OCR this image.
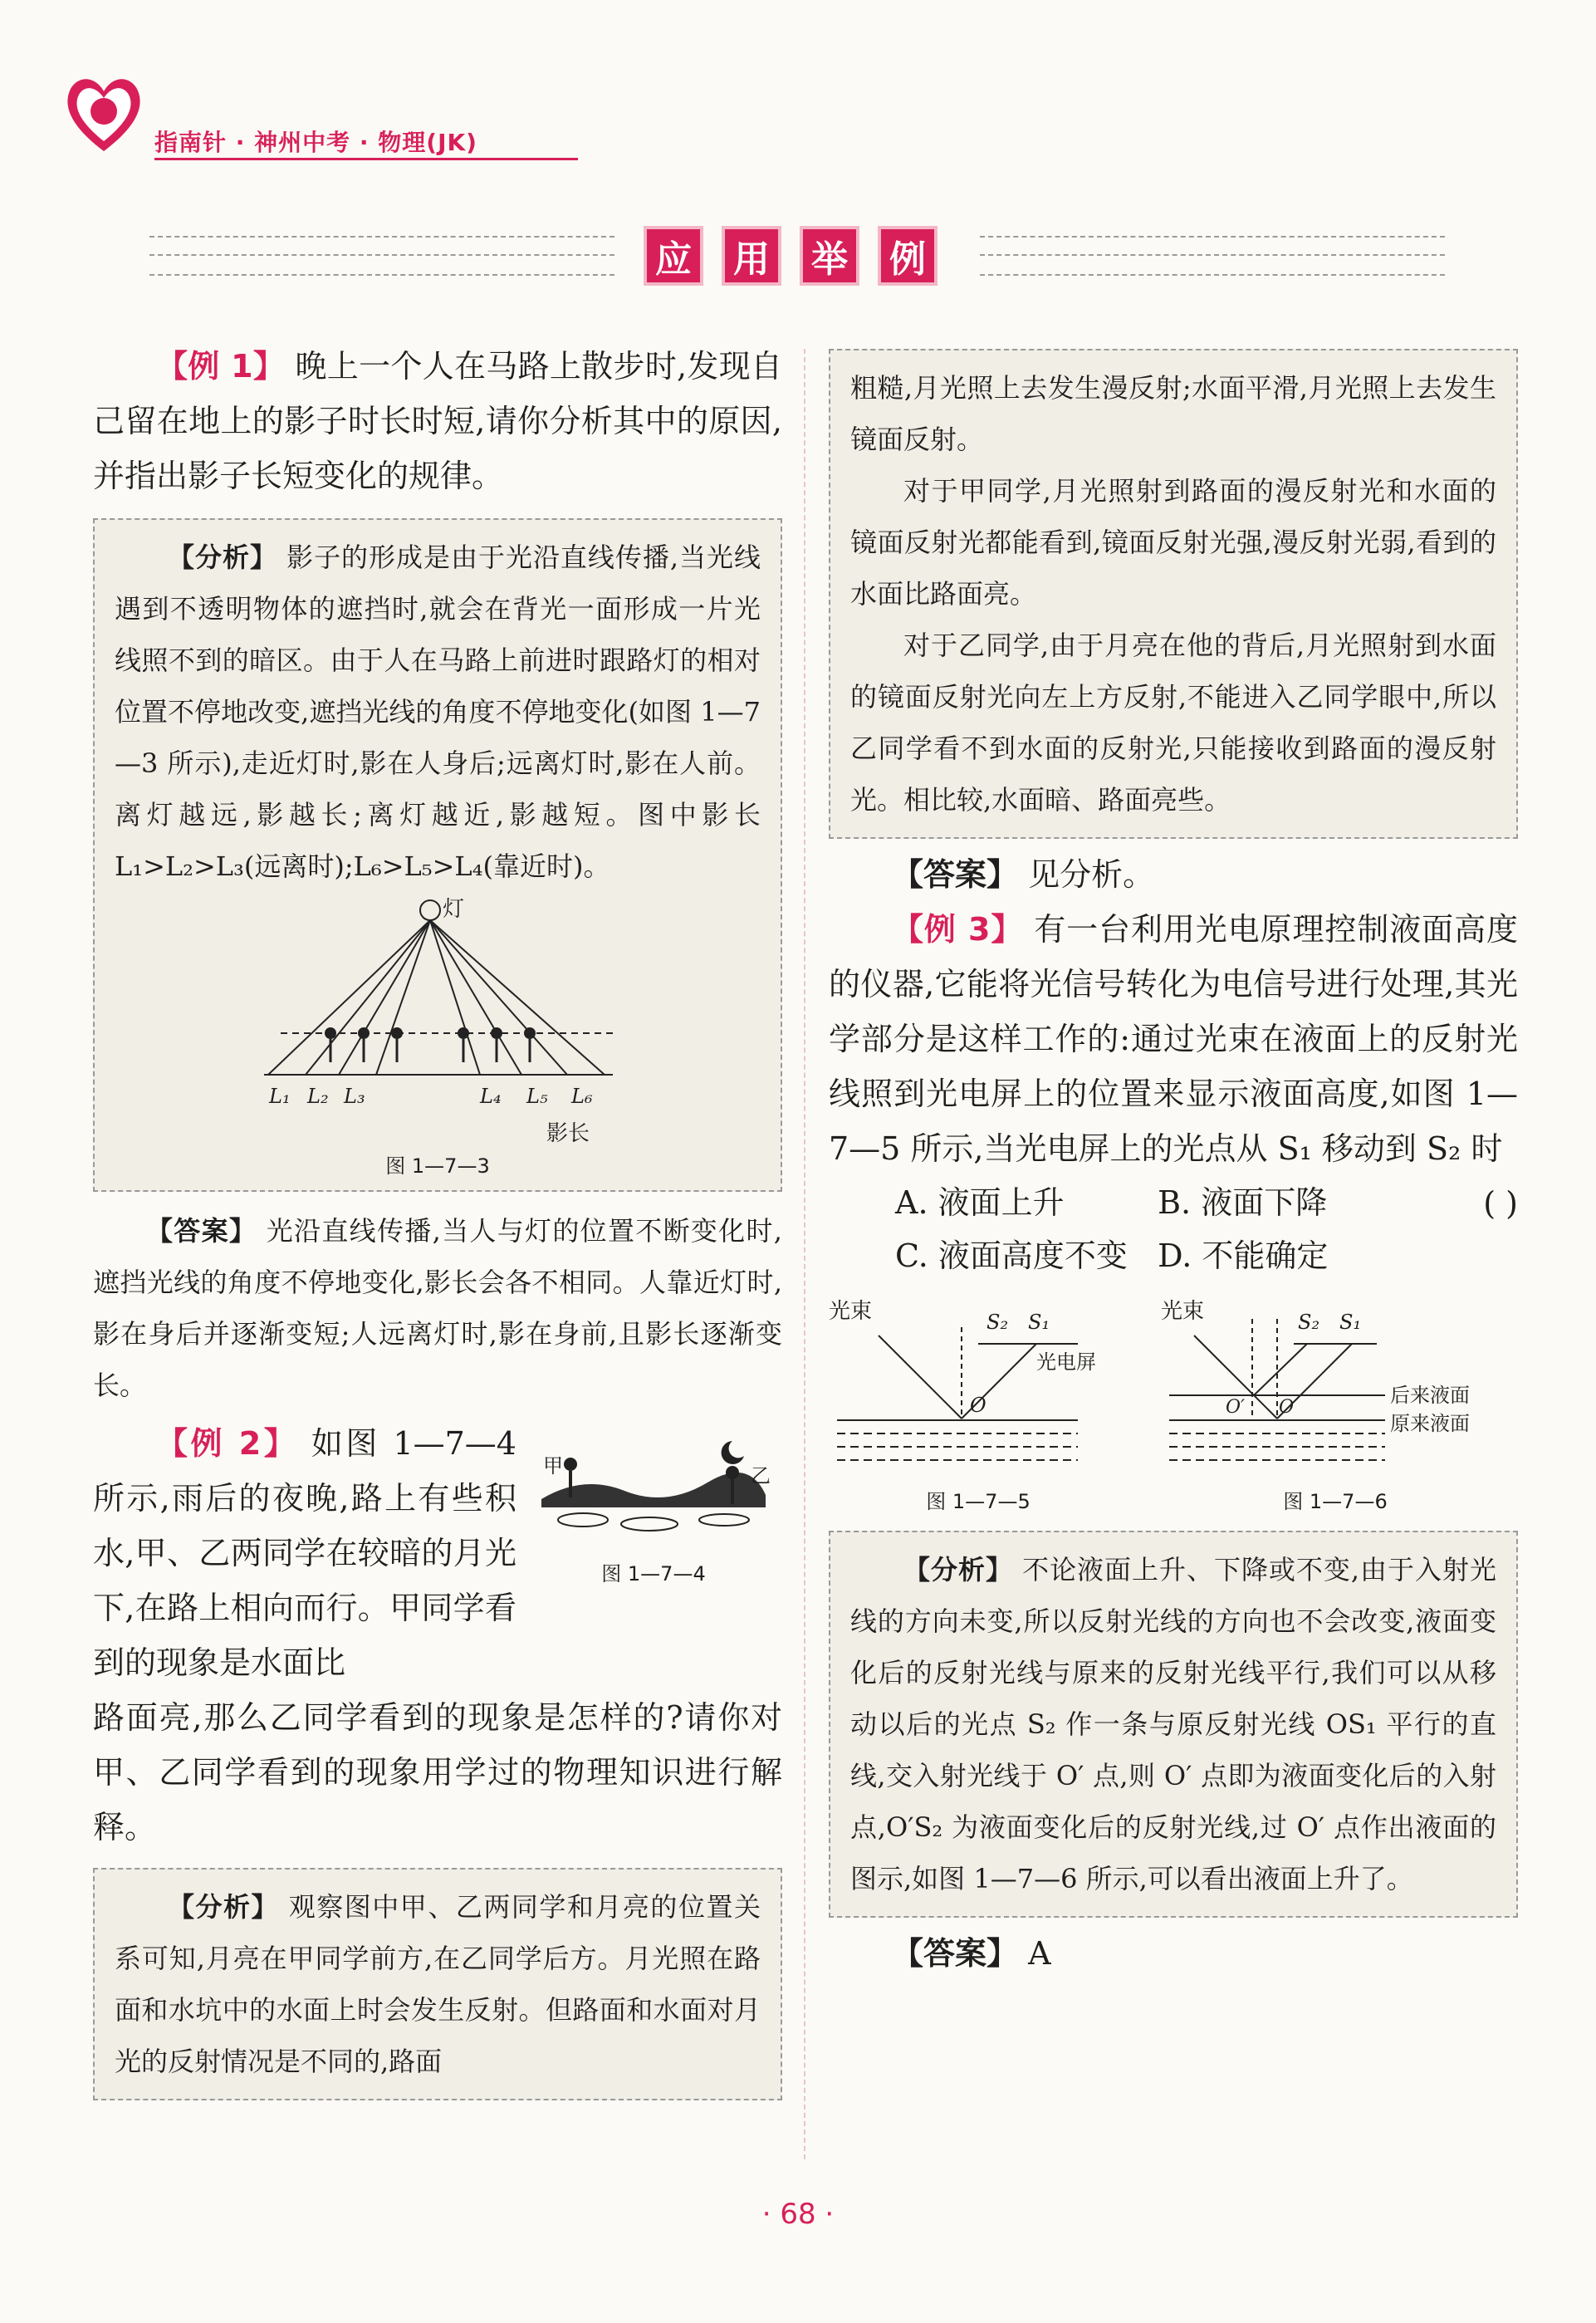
指南针 · 神州中考 · 物理(JK)
应	用	举	例

【例 1】 晚上一个人在马路上散步时,发现自己留在地上的影子时长时短,请你分析其中的原因,并指出影子长短变化的规律。

【分析】 影子的形成是由于光沿直线传播,当光线遇到不透明物体的遮挡时,就会在背光一面形成一片光线照不到的暗区。由于人在马路上前进时跟路灯的相对位置不停地改变,遮挡光线的角度不停地变化(如图 1—7—3 所示),走近灯时,影在人身后;远离灯时,影在人前。离灯越远,影越长;离灯越近,影越短。图中影长 L₁>L₂>L₃(远离时);L₆>L₅>L₄(靠近时)。

灯
L₁ L₂ L₃	L₄ L₅ L₆
影长
图 1—7—3

【答案】 光沿直线传播,当人与灯的位置不断变化时,遮挡光线的角度不停地变化,影长会各不相同。人靠近灯时,影在身后并逐渐变短;人远离灯时,影在身前,且影长逐渐变长。

【例 2】 如图 1—7—4 所示,雨后的夜晚,路上有些积水,甲、乙两同学在较暗的月光下,在路上相向而行。甲同学看到的现象是水面比

甲	乙
图 1—7—4

路面亮,那么乙同学看到的现象是怎样的?请你对甲、乙同学看到的现象用学过的物理知识进行解释。

【分析】 观察图中甲、乙两同学和月亮的位置关系可知,月亮在甲同学前方,在乙同学后方。月光照在路面和水坑中的水面上时会发生反射。但路面和水面对月光的反射情况是不同的,路面

粗糙,月光照上去发生漫反射;水面平滑,月光照上去发生镜面反射。

对于甲同学,月光照射到路面的漫反射光和水面的镜面反射光都能看到,镜面反射光强,漫反射光弱,看到的水面比路面亮。

对于乙同学,由于月亮在他的背后,月光照射到水面的镜面反射光向左上方反射,不能进入乙同学眼中,所以乙同学看不到水面的反射光,只能接收到路面的漫反射光。相比较,水面暗、路面亮些。

【答案】 见分析。

【例 3】 有一台利用光电原理控制液面高度的仪器,它能将光信号转化为电信号进行处理,其光学部分是这样工作的:通过光束在液面上的反射光线照到光电屏上的位置来显示液面高度,如图 1—7—5 所示,当光电屏上的光点从 S₁ 移动到 S₂ 时
( )

A. 液面上升	B. 液面下降
C. 液面高度不变 D. 不能确定
光束	S₂ S₁
光电屏
O
图 1—7—5
光束	S₂ S₁
O′ O
后来液面
原来液面
图 1—7—6

【分析】 不论液面上升、下降或不变,由于入射光线的方向未变,所以反射光线的方向也不会改变,液面变化后的反射光线与原来的反射光线平行,我们可以从移动以后的光点 S₂ 作一条与原反射光线 OS₁ 平行的直线,交入射光线于 O′ 点,则 O′ 点即为液面变化后的入射点,O′S₂ 为液面变化后的反射光线,过 O′ 点作出液面的图示,如图 1—7—6 所示,可以看出液面上升了。

【答案】 A

· 68 ·
